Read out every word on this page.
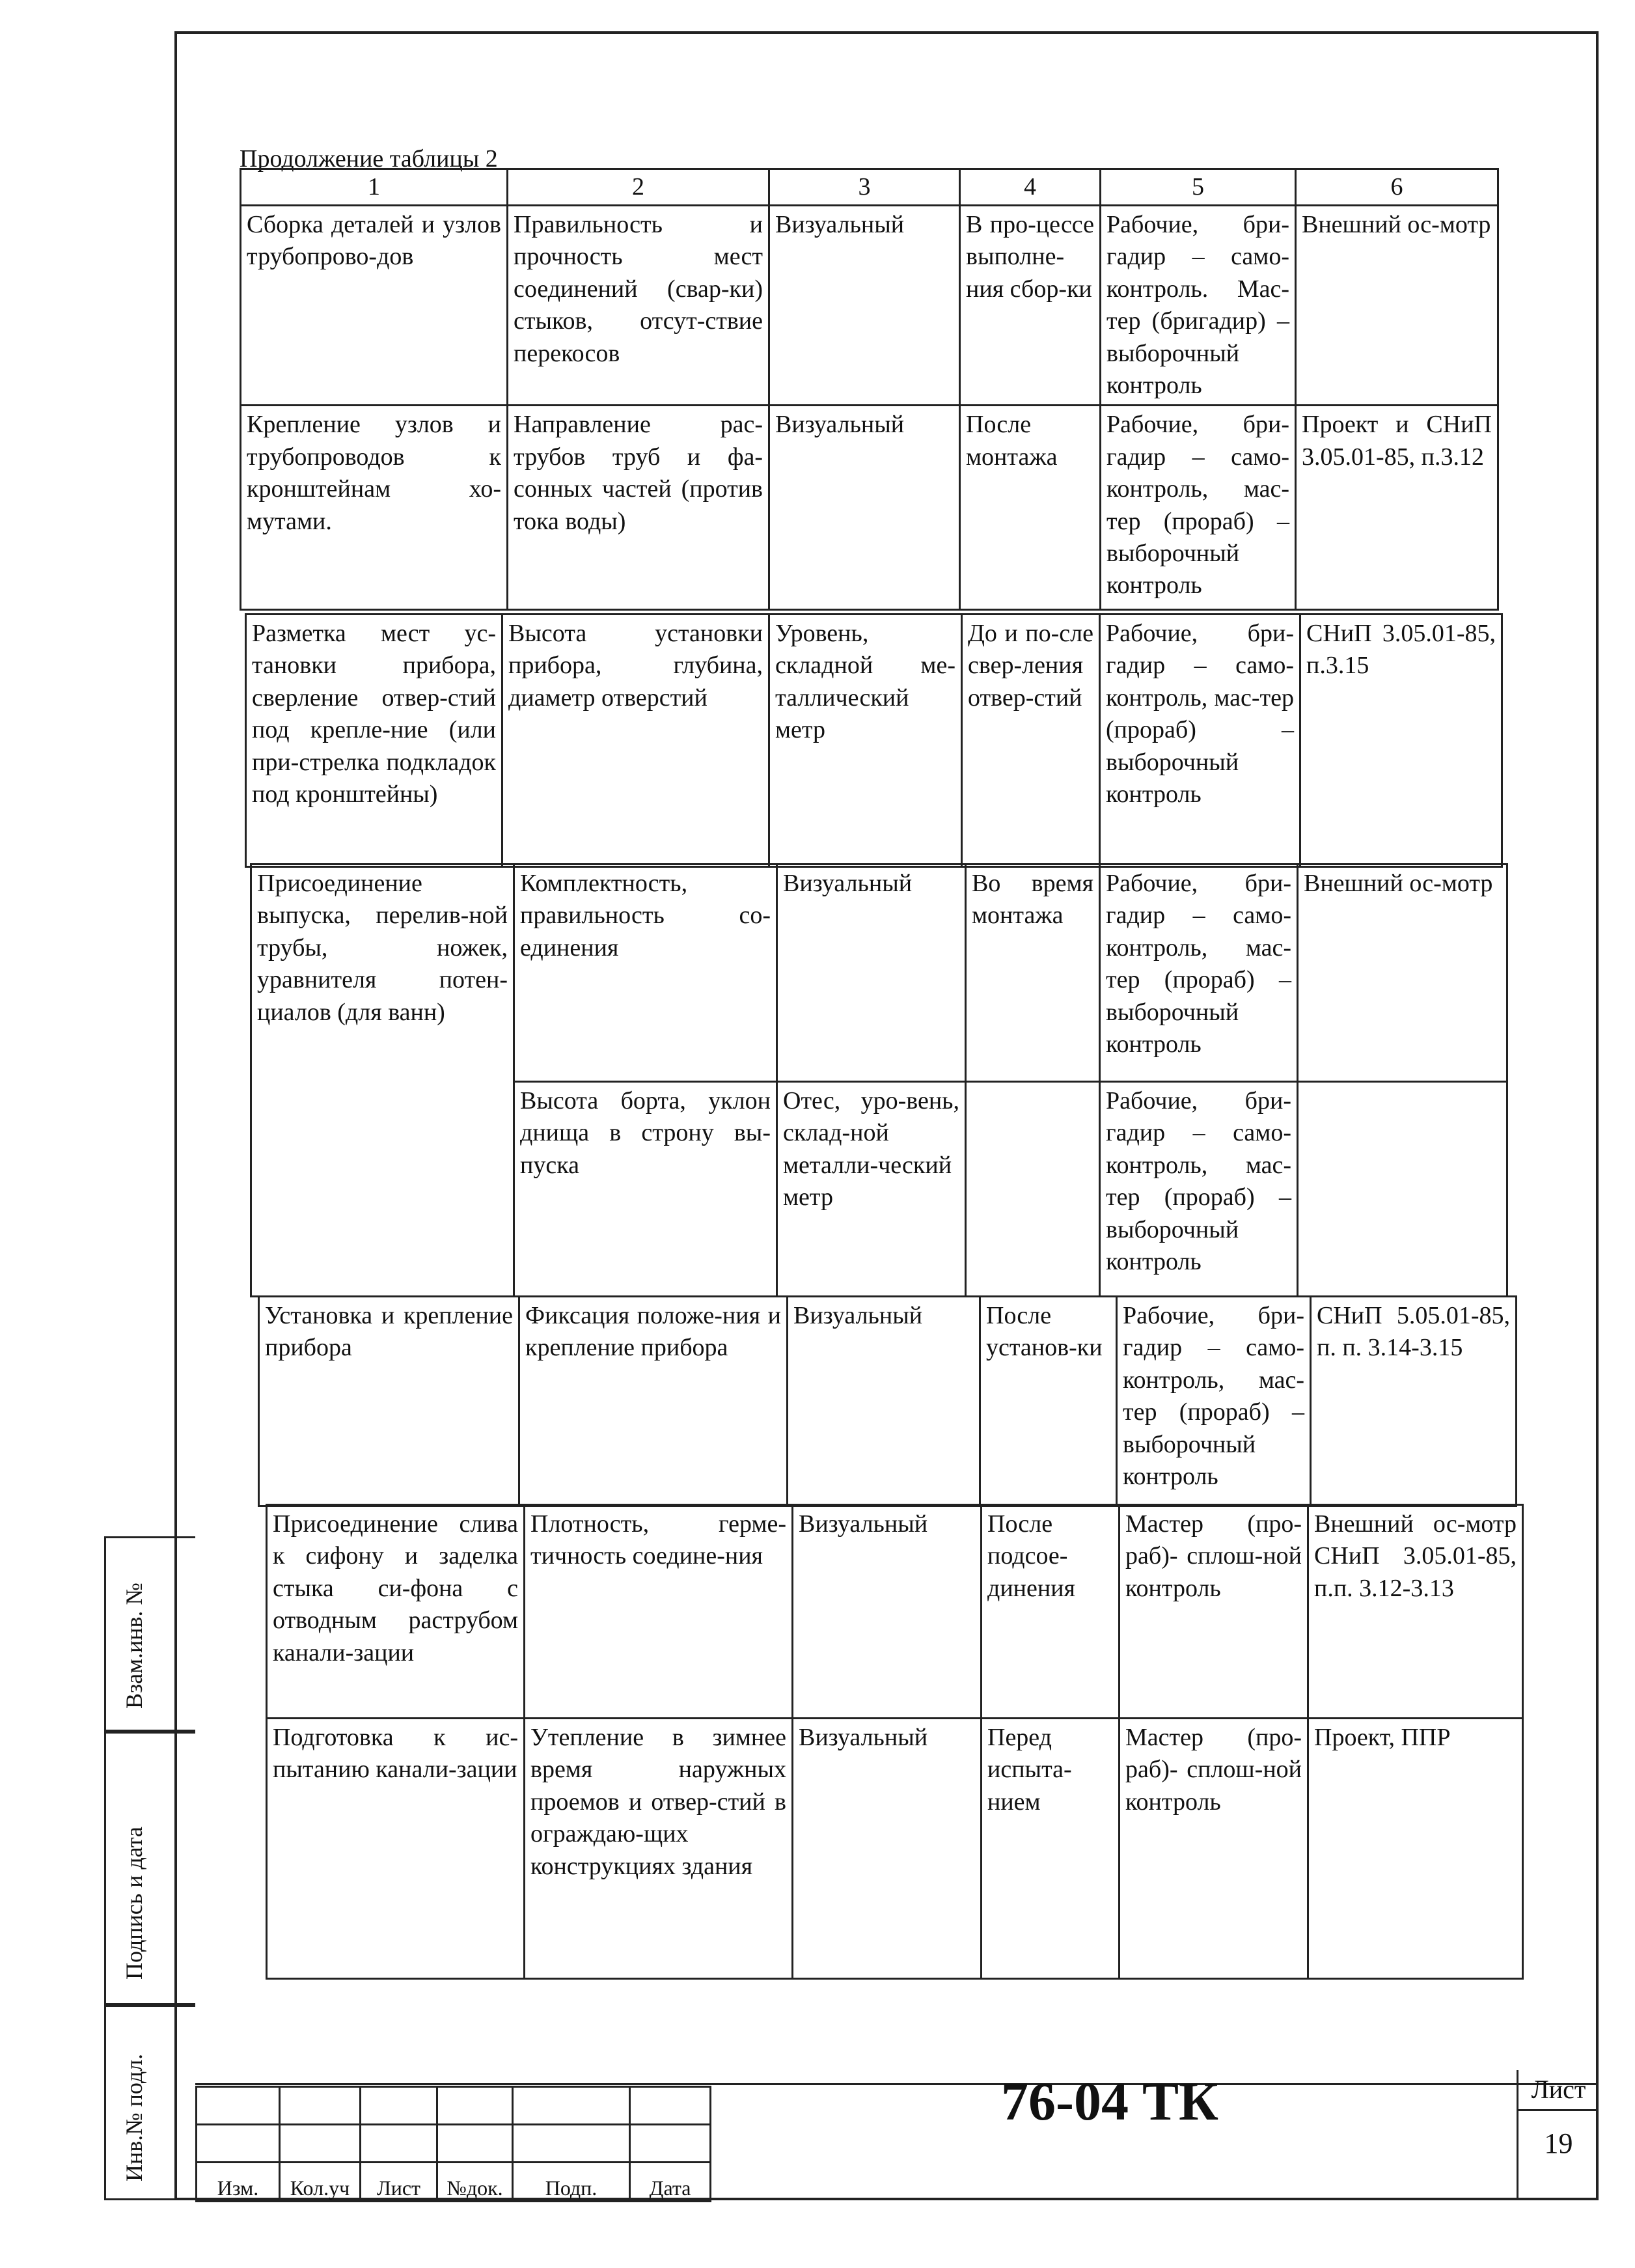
Продолжение таблицы 2
1	2	3	4	5	6
Сборка деталей и узлов трубопрово-дов	Правильность и прочность мест соединений (свар-ки) стыков, отсут-ствие перекосов	Визуальный	В про-цессе выполне-ния сбор-ки	Рабочие, бри-гадир – само-контроль. Мас-тер (бригадир) – выборочный контроль	Внешний ос-мотр
Крепление узлов и трубопроводов к кронштейнам хо-мутами.	Направление рас-трубов труб и фа-сонных частей (против тока воды)	Визуальный	После монтажа	Рабочие, бри-гадир – само-контроль, мас-тер (прораб) – выборочный контроль	Проект и СНиП 3.05.01-85, п.3.12
Разметка мест ус-тановки прибора, сверление отвер-стий под крепле-ние (или при-стрелка подкладок под кронштейны)	Высота установки прибора, глубина, диаметр отверстий	Уровень, складной ме-таллический метр	До и по-сле свер-ления отвер-стий	Рабочие, бри-гадир – само-контроль, мас-тер (прораб) – выборочный контроль	СНиП 3.05.01-85, п.3.15
Присоединение выпуска, перелив-ной трубы, ножек, уравнителя потен-циалов (для ванн)	Комплектность, правильность со-единения	Визуальный	Во время монтажа	Рабочие, бри-гадир – само-контроль, мас-тер (прораб) – выборочный контроль	Внешний ос-мотр
	Высота борта, уклон днища в строну вы-пуска	Отес, уро-вень, склад-ной металли-ческий метр		Рабочие, бри-гадир – само-контроль, мас-тер (прораб) – выборочный контроль	
Установка и крепление прибора	Фиксация положе-ния и крепление прибора	Визуальный	После установ-ки	Рабочие, бри-гадир – само-контроль, мас-тер (прораб) – выборочный контроль	СНиП 5.05.01-85, п. п. 3.14-3.15
Присоединение слива к сифону и заделка стыка си-фона с отводным раструбом канали-зации	Плотность, герме-тичность соедине-ния	Визуальный	После подсое-динения	Мастер (про-раб)- сплош-ной контроль	Внешний ос-мотр СНиП 3.05.01-85, п.п. 3.12-3.13
Подготовка к ис-пытанию канали-зации	Утепление в зимнее время наружных проемов и отвер-стий в ограждаю-щих конструкциях здания	Визуальный	Перед испыта-нием	Мастер (про-раб)- сплош-ной контроль	Проект, ППР
Взам.инв. №
Подпись и дата
Инв.№ подл.

Изм.	Кол.уч	Лист	№док.	Подп.	Дата
76-04 ТК	Лист
19
